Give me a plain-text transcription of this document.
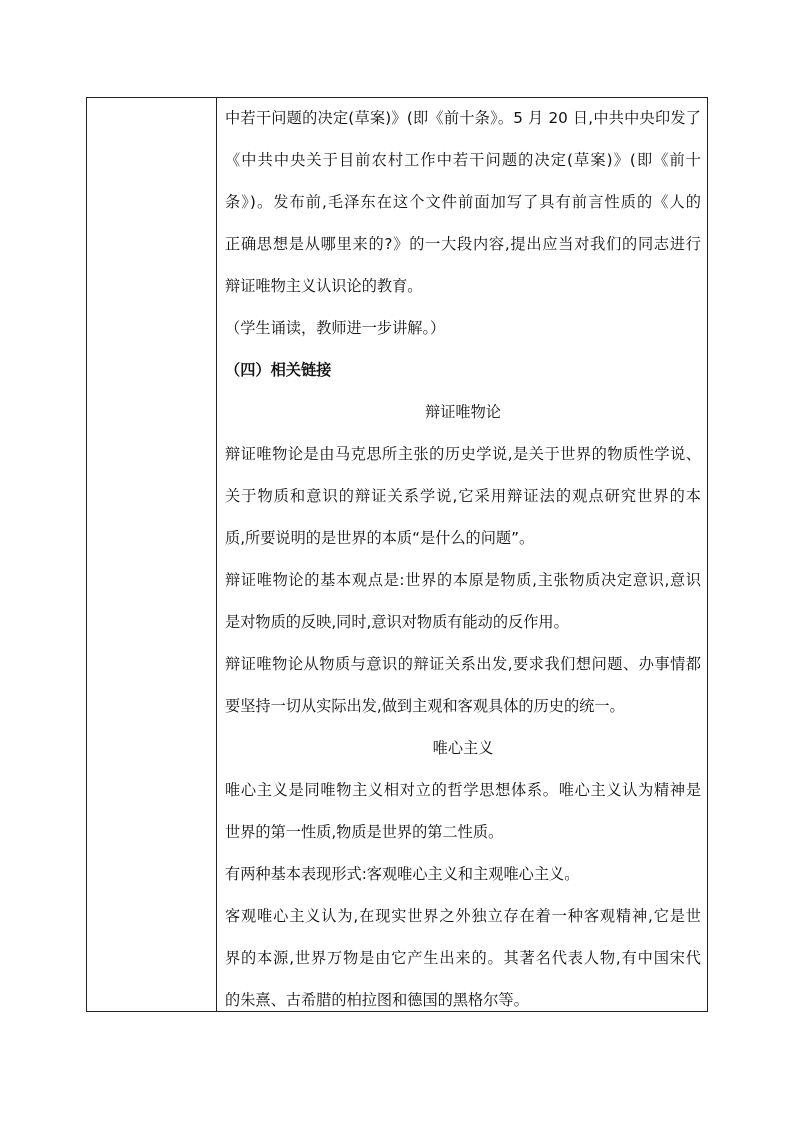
中若干问题的决定(草案)》(即《前十条》。5 月 20 日,中共中央印发了
《中共中央关于目前农村工作中若干问题的决定(草案)》(即《前十
条》)。发布前,毛泽东在这个文件前面加写了具有前言性质的《人的
正确思想是从哪里来的?》的一大段内容,提出应当对我们的同志进行
辩证唯物主义认识论的教育。
（学生诵读，教师进一步讲解。）
（四）相关链接
辩证唯物论
辩证唯物论是由马克思所主张的历史学说,是关于世界的物质性学说、
关于物质和意识的辩证关系学说,它采用辩证法的观点研究世界的本
质,所要说明的是世界的本质“是什么的问题”。
辩证唯物论的基本观点是:世界的本原是物质,主张物质决定意识,意识
是对物质的反映,同时,意识对物质有能动的反作用。
辩证唯物论从物质与意识的辩证关系出发,要求我们想问题、办事情都
要坚持一切从实际出发,做到主观和客观具体的历史的统一。
唯心主义
唯心主义是同唯物主义相对立的哲学思想体系。唯心主义认为精神是
世界的第一性质,物质是世界的第二性质。
有两种基本表现形式:客观唯心主义和主观唯心主义。
客观唯心主义认为,在现实世界之外独立存在着一种客观精神,它是世
界的本源,世界万物是由它产生出来的。其著名代表人物,有中国宋代
的朱熹、古希腊的柏拉图和德国的黑格尔等。
